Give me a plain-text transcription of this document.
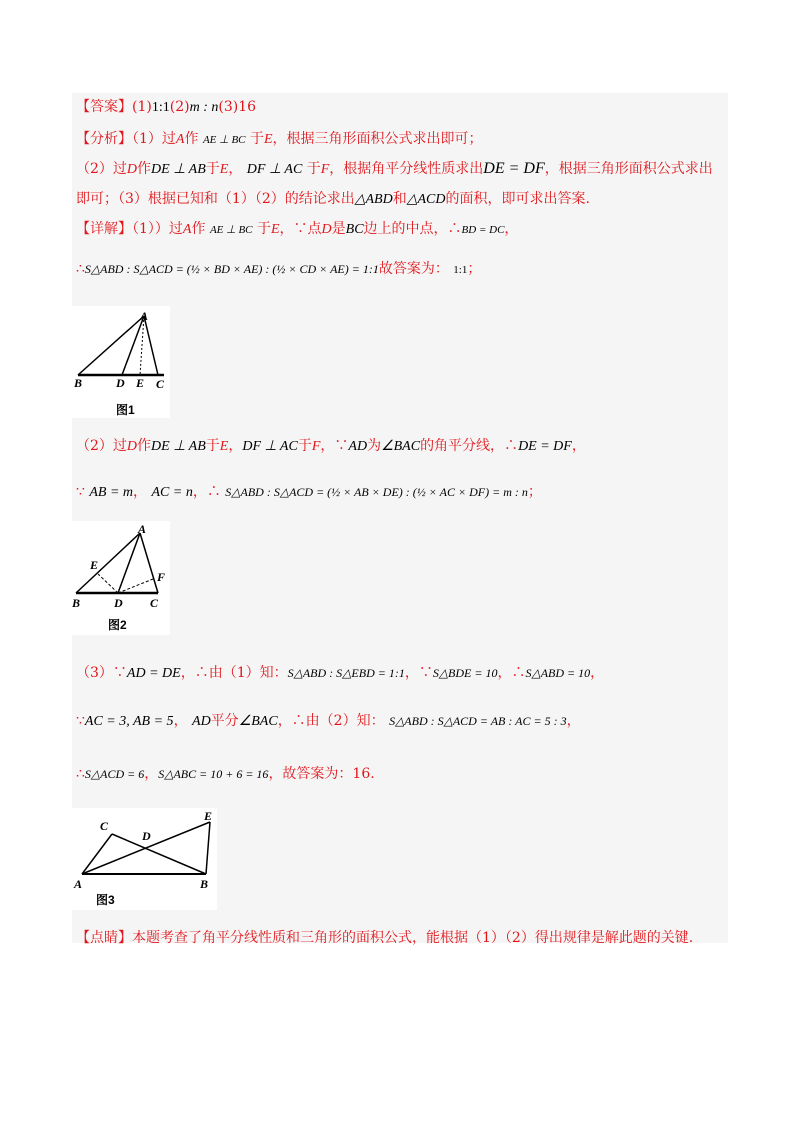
【答案】(1)1:1(2)m : n(3)16
【分析】（1）过A作 AE ⊥ BC 于E，根据三角形面积公式求出即可；
（2）过D作DE ⊥ AB于E， DF ⊥ AC 于F，根据角平分线性质求出DE = DF，根据三角形面积公式求出
即可；（3）根据已知和（1）（2）的结论求出△ABD和△ACD的面积，即可求出答案.
【详解】（1））过A作 AE ⊥ BC 于E，∵点D是BC边上的中点，∴BD = DC，
∴S△ABD : S△ACD = (½ × BD × AE) : (½ × CD × AE) = 1:1故答案为： 1:1；
A
B	D E C
图1
（2）过D作DE ⊥ AB于E，DF ⊥ AC于F，∵AD为∠BAC的角平分线，∴DE = DF，
∵ AB = m， AC = n，∴ S△ABD : S△ACD = (½ × AB × DE) : (½ × AC × DF) = m : n；
A
E
F
B	D C
图2
（3）∵AD = DE，∴由（1）知：S△ABD : S△EBD = 1:1，∵S△BDE = 10，∴S△ABD = 10，
∵AC = 3, AB = 5， AD平分∠BAC，∴由（2）知： S△ABD : S△ACD = AB : AC = 5 : 3，
∴S△ACD = 6，S△ABC = 10 + 6 = 16，故答案为：16.
C
D
E
A	B
图3
【点睛】本题考查了角平分线性质和三角形的面积公式，能根据（1）（2）得出规律是解此题的关键.
